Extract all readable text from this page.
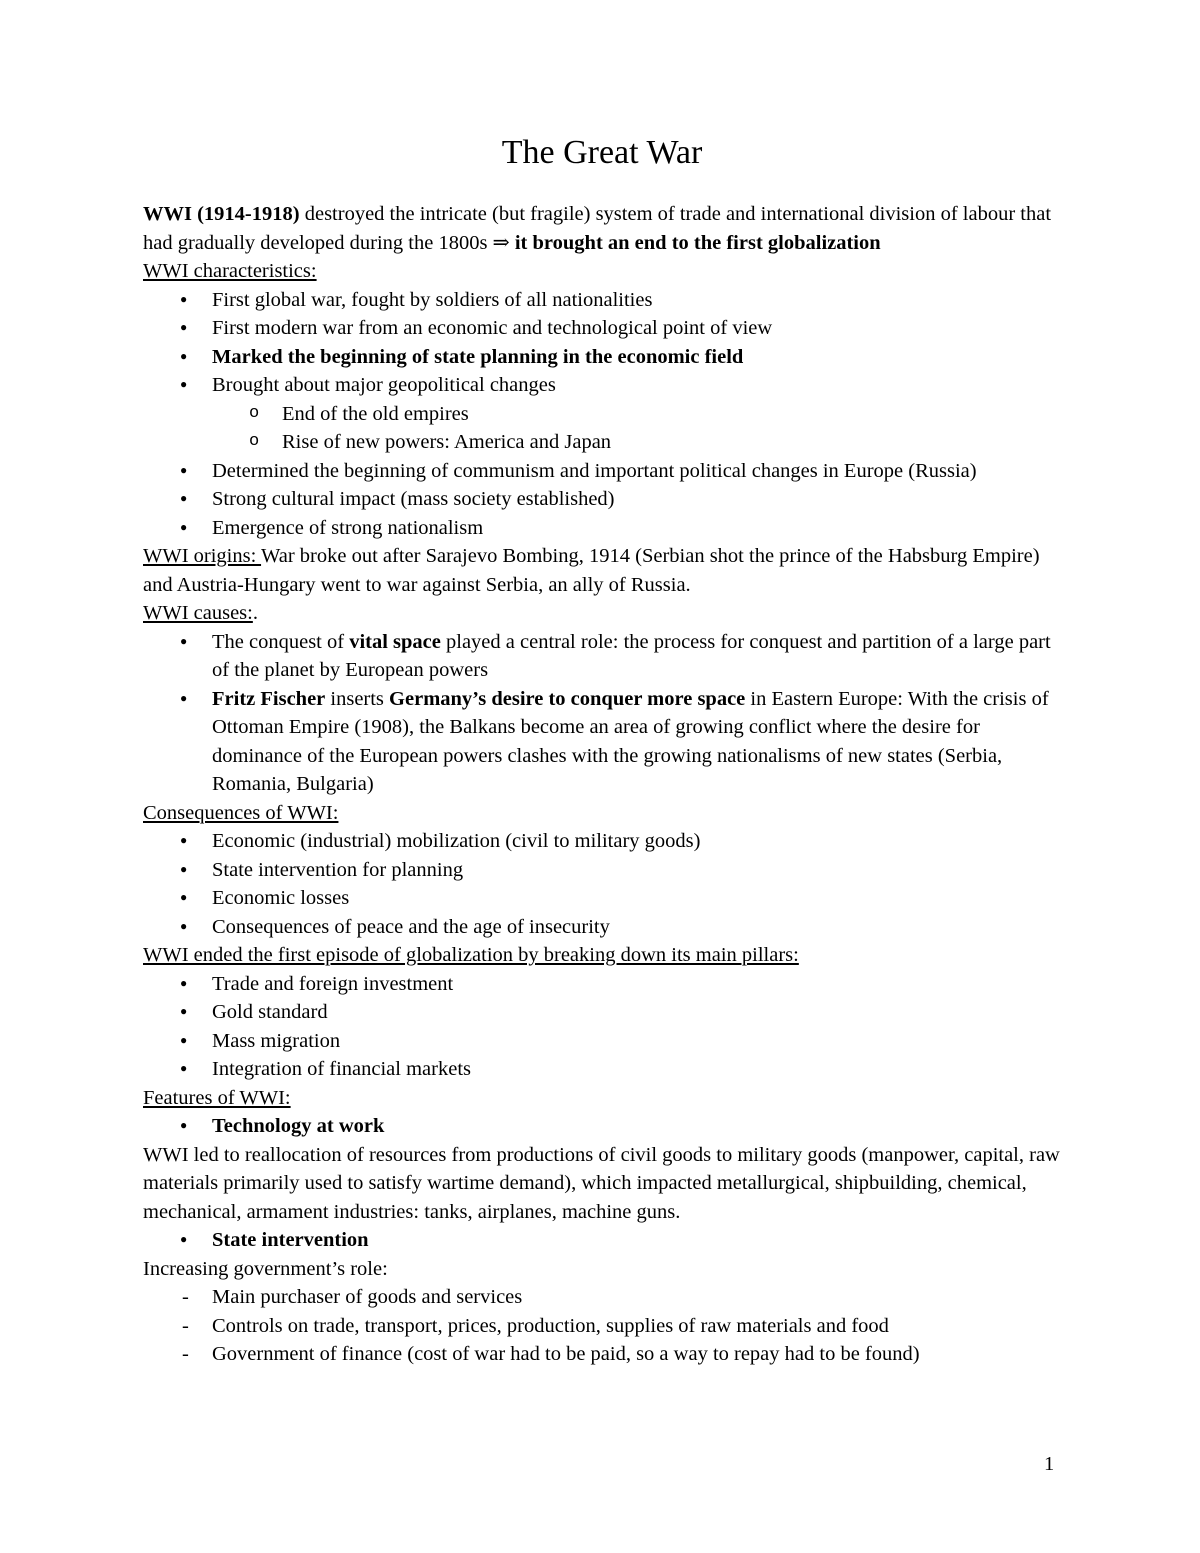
The Great War

WWI (1914-1918) destroyed the intricate (but fragile) system of trade and international division of labour that had gradually developed during the 1800s ⇒ it brought an end to the first globalization

WWI characteristics:

● First global war, fought by soldiers of all nationalities
● First modern war from an economic and technological point of view
● Marked the beginning of state planning in the economic field
● Brought about major geopolitical changes
o End of the old empires
o Rise of new powers: America and Japan
● Determined the beginning of communism and important political changes in Europe (Russia)
● Strong cultural impact (mass society established)
● Emergence of strong nationalism

WWI origins: War broke out after Sarajevo Bombing, 1914 (Serbian shot the prince of the Habsburg Empire) and Austria-Hungary went to war against Serbia, an ally of Russia.

WWI causes:.

● The conquest of vital space played a central role: the process for conquest and partition of a large part of the planet by European powers
● Fritz Fischer inserts Germany’s desire to conquer more space in Eastern Europe: With the crisis of Ottoman Empire (1908), the Balkans become an area of growing conflict where the desire for dominance of the European powers clashes with the growing nationalisms of new states (Serbia, Romania, Bulgaria)

Consequences of WWI:

● Economic (industrial) mobilization (civil to military goods)
● State intervention for planning
● Economic losses
● Consequences of peace and the age of insecurity

WWI ended the first episode of globalization by breaking down its main pillars:

● Trade and foreign investment
● Gold standard
● Mass migration
● Integration of financial markets

Features of WWI:

● Technology at work

WWI led to reallocation of resources from productions of civil goods to military goods (manpower, capital, raw materials primarily used to satisfy wartime demand), which impacted metallurgical, shipbuilding, chemical, mechanical, armament industries: tanks, airplanes, machine guns.

● State intervention

Increasing government’s role:

- Main purchaser of goods and services
- Controls on trade, transport, prices, production, supplies of raw materials and food
- Government of finance (cost of war had to be paid, so a way to repay had to be found)
1
